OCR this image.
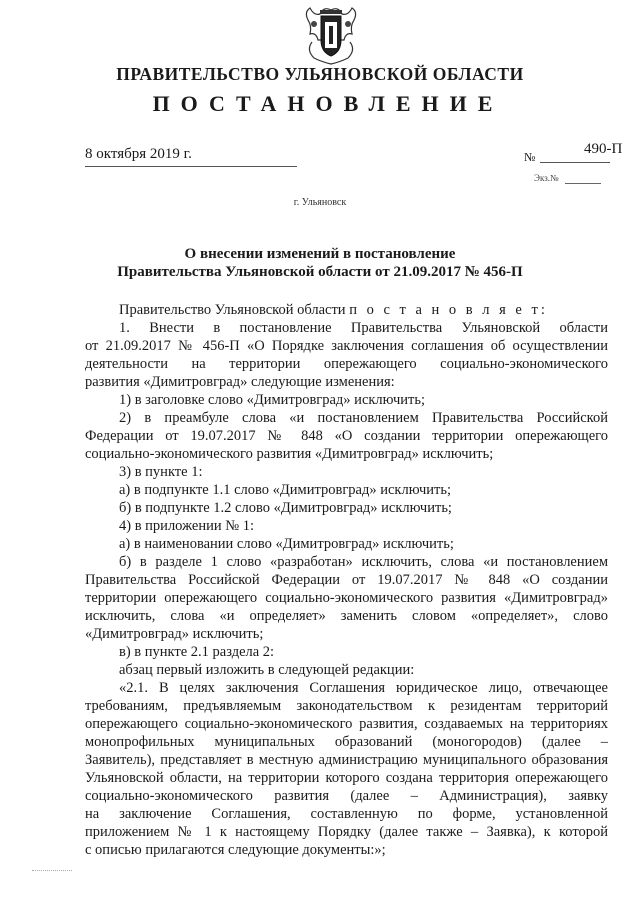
ПРАВИТЕЛЬСТВО УЛЬЯНОВСКОЙ ОБЛАСТИ
ПОСТАНОВЛЕНИЕ
8 октября 2019 г.	№	490-П
Экз.№
г. Ульяновск
О внесении изменений в постановление
Правительства Ульяновской области от 21.09.2017 № 456-П
Правительство Ульяновской области п о с т а н о в л я е т:
1. Внести в постановление Правительства Ульяновской области
от 21.09.2017 № 456-П «О Порядке заключения соглашения об осуществлении
деятельности на территории опережающего социально-экономического
развития «Димитровград» следующие изменения:
1) в заголовке слово «Димитровград» исключить;
2) в преамбуле слова «и постановлением Правительства Российской
Федерации от 19.07.2017 № 848 «О создании территории опережающего
социально-экономического развития «Димитровград» исключить;
3) в пункте 1:
а) в подпункте 1.1 слово «Димитровград» исключить;
б) в подпункте 1.2 слово «Димитровград» исключить;
4) в приложении № 1:
а) в наименовании слово «Димитровград» исключить;
б) в разделе 1 слово «разработан» исключить, слова «и постановлением
Правительства Российской Федерации от 19.07.2017 № 848 «О создании
территории опережающего социально-экономического развития «Димитровград»
исключить, слова «и определяет» заменить словом «определяет», слово
«Димитровград» исключить;
в) в пункте 2.1 раздела 2:
абзац первый изложить в следующей редакции:
«2.1. В целях заключения Соглашения юридическое лицо, отвечающее
требованиям, предъявляемым законодательством к резидентам территорий
опережающего социально-экономического развития, создаваемых на территориях
монопрофильных муниципальных образований (моногородов) (далее –
Заявитель), представляет в местную администрацию муниципального образования
Ульяновской области, на территории которого создана территория опережающего
социально-экономического развития (далее – Администрация), заявку
на заключение Соглашения, составленную по форме, установленной
приложением № 1 к настоящему Порядку (далее также – Заявка), к которой
с описью прилагаются следующие документы:»;
